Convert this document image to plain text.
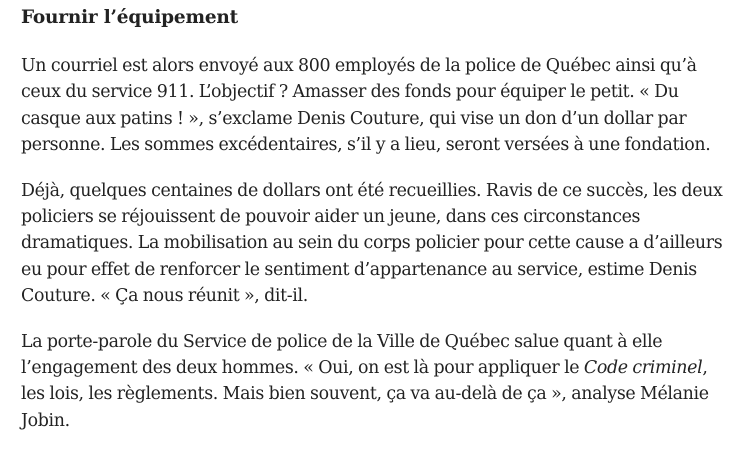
Fournir l’équipement

Un courriel est alors envoyé aux 800 employés de la police de Québec ainsi qu’à ceux du service 911. L’objectif ? Amasser des fonds pour équiper le petit. « Du casque aux patins ! », s’exclame Denis Couture, qui vise un don d’un dollar par personne. Les sommes excédentaires, s’il y a lieu, seront versées à une fondation.

Déjà, quelques centaines de dollars ont été recueillies. Ravis de ce succès, les deux policiers se réjouissent de pouvoir aider un jeune, dans ces circonstances dramatiques. La mobilisation au sein du corps policier pour cette cause a d’ailleurs eu pour effet de renforcer le sentiment d’appartenance au service, estime Denis Couture. « Ça nous réunit », dit-il.

La porte-parole du Service de police de la Ville de Québec salue quant à elle l’engagement des deux hommes. « Oui, on est là pour appliquer le Code criminel, les lois, les règlements. Mais bien souvent, ça va au-delà de ça », analyse Mélanie Jobin.
